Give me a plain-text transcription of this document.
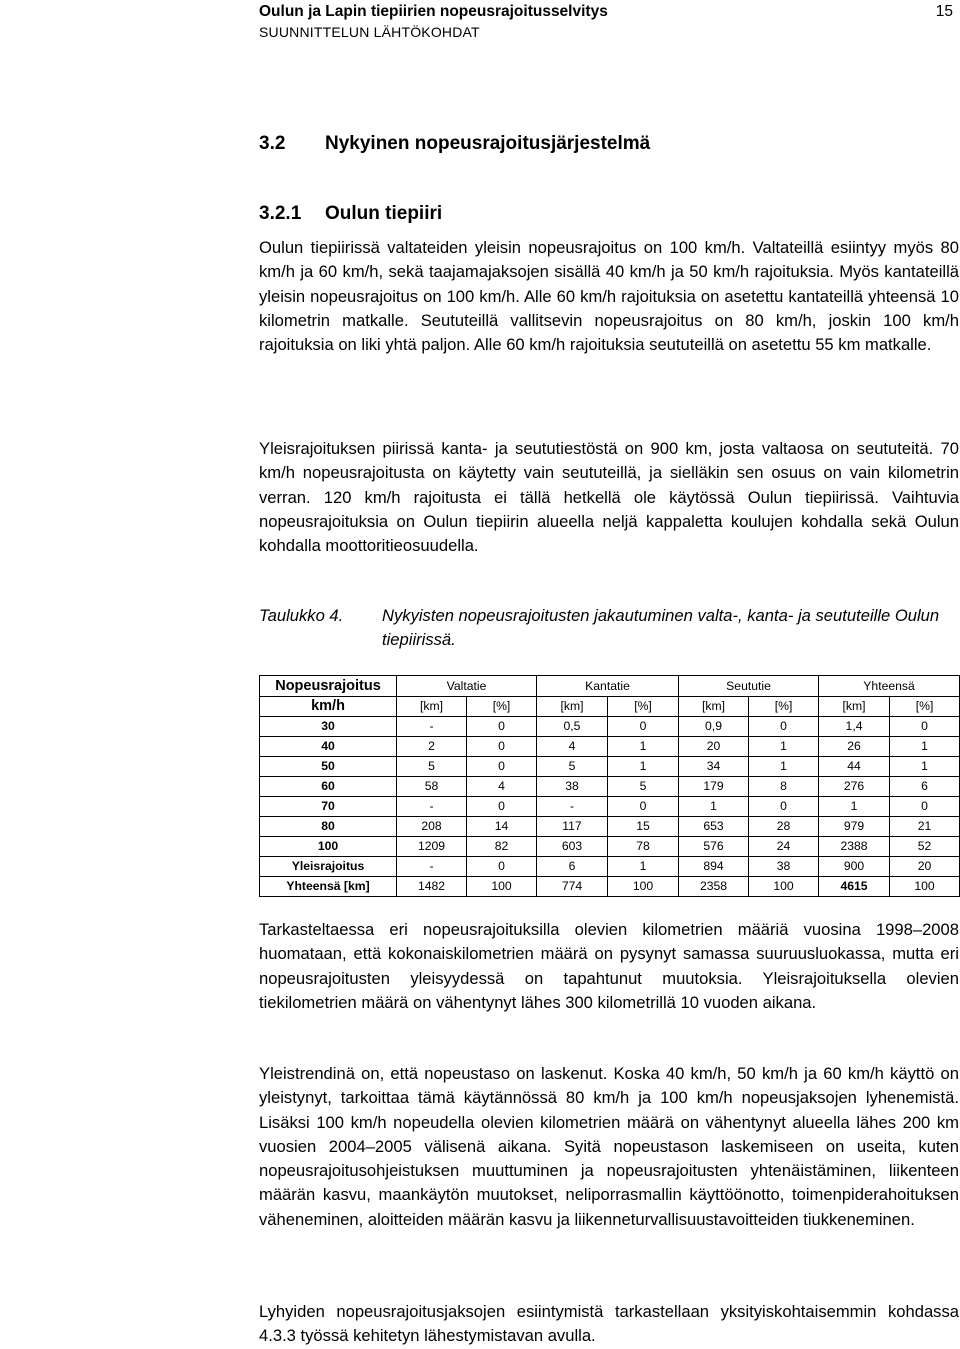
Oulun ja Lapin tiepiirien nopeusrajoitusselvitys
SUUNNITTELUN LÄHTÖKOHDAT
15
3.2 Nykyinen nopeusrajoitusjärjestelmä
3.2.1 Oulun tiepiiri

Oulun tiepiirissä valtateiden yleisin nopeusrajoitus on 100 km/h. Valtateillä esiintyy myös 80 km/h ja 60 km/h, sekä taajamajaksojen sisällä 40 km/h ja 50 km/h rajoituksia. Myös kantateillä yleisin nopeusrajoitus on 100 km/h. Alle 60 km/h rajoituksia on asetettu kantateillä yhteensä 10 kilometrin matkalle. Seututeillä vallitsevin nopeusrajoitus on 80 km/h, joskin 100 km/h rajoituksia on liki yhtä paljon. Alle 60 km/h rajoituksia seututeillä on asetettu 55 km matkalle.

Yleisrajoituksen piirissä kanta- ja seututiestöstä on 900 km, josta valtaosa on seututeitä. 70 km/h nopeusrajoitusta on käytetty vain seututeillä, ja sielläkin sen osuus on vain kilometrin verran. 120 km/h rajoitusta ei tällä hetkellä ole käytössä Oulun tiepiirissä. Vaihtuvia nopeusrajoituksia on Oulun tiepiirin alueella neljä kappaletta koulujen kohdalla sekä Oulun kohdalla moottoritieosuudella.

Taulukko 4. Nykyisten nopeusrajoitusten jakautuminen valta-, kanta- ja seututeille Oulun tiepiirissä.
Nopeusrajoitus	Valtatie		Kantatie		Seututie		Yhteensä	
km/h	[km]	[%]	[km]	[%]	[km]	[%]	[km]	[%]
30	-	0	0,5	0	0,9	0	1,4	0
40	2	0	4	1	20	1	26	1
50	5	0	5	1	34	1	44	1
60	58	4	38	5	179	8	276	6
70	-	0	-	0	1	0	1	0
80	208	14	117	15	653	28	979	21
100	1209	82	603	78	576	24	2388	52
Yleisrajoitus	-	0	6	1	894	38	900	20
Yhteensä [km]	1482	100	774	100	2358	100	4615	100

Tarkasteltaessa eri nopeusrajoituksilla olevien kilometrien määriä vuosina 1998–2008 huomataan, että kokonaiskilometrien määrä on pysynyt samassa suuruusluokassa, mutta eri nopeusrajoitusten yleisyydessä on tapahtunut muutoksia. Yleisrajoituksella olevien tiekilometrien määrä on vähentynyt lähes 300 kilometrillä 10 vuoden aikana.

Yleistrendinä on, että nopeustaso on laskenut. Koska 40 km/h, 50 km/h ja 60 km/h käyttö on yleistynyt, tarkoittaa tämä käytännössä 80 km/h ja 100 km/h nopeusjaksojen lyhenemistä. Lisäksi 100 km/h nopeudella olevien kilometrien määrä on vähentynyt alueella lähes 200 km vuosien 2004–2005 välisenä aikana. Syitä nopeustason laskemiseen on useita, kuten nopeusrajoitusohjeistuksen muuttuminen ja nopeusrajoitusten yhtenäistäminen, liikenteen määrän kasvu, maankäytön muutokset, neliporrasmallin käyttöönotto, toimenpiderahoituksen väheneminen, aloitteiden määrän kasvu ja liikenneturvallisuustavoitteiden tiukkeneminen.

Lyhyiden nopeusrajoitusjaksojen esiintymistä tarkastellaan yksityiskohtaisemmin kohdassa 4.3.3 työssä kehitetyn lähestymistavan avulla.
